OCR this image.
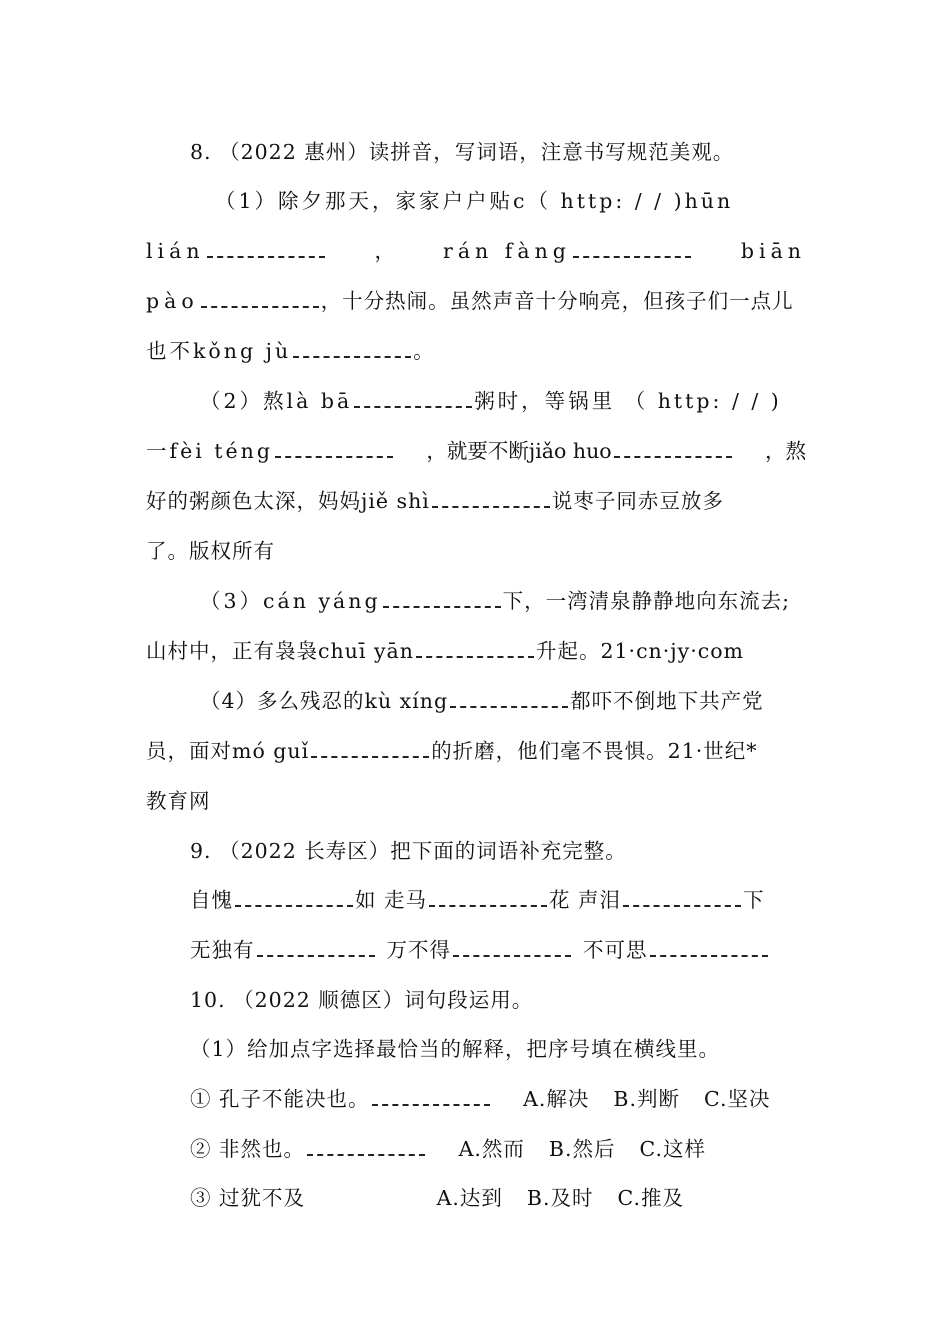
8. （2022 惠州）读拼音，写词语，注意书写规范美观。
（1）除夕那天，家家户户贴c（ http: / / )hūn
lián	， rán fàng	biān
pào	，十分热闹。虽然声音十分响亮，但孩子们一点儿
也不kǒng jù	。
（2）熬là bā	粥时，等锅里 （ http: / / )
一fèi téng	，就要不断jiǎo huo	，熬
好的粥颜色太深，妈妈jiě shì	说枣子同赤豆放多
了。版权所有
（3）cán yáng	下，一湾清泉静静地向东流去;
山村中，正有袅袅chuī yān	升起。21·cn·jy·com
（4）多么残忍的kù xíng	都吓不倒地下共产党
员，面对mó guǐ	的折磨，他们毫不畏惧。21·世纪*
教育网
9. （2022 长寿区）把下面的词语补充完整。
自愧	如 走马	花 声泪	下
无独有	万不得	不可思
10. （2022 顺德区）词句段运用。
（1）给加点字选择最恰当的解释，把序号填在横线里。
① 孔子不能决也。	A.解决 B.判断 C.坚决
② 非然也。	A.然而 B.然后 C.这样
③ 过犹不及	A.达到 B.及时 C.推及
